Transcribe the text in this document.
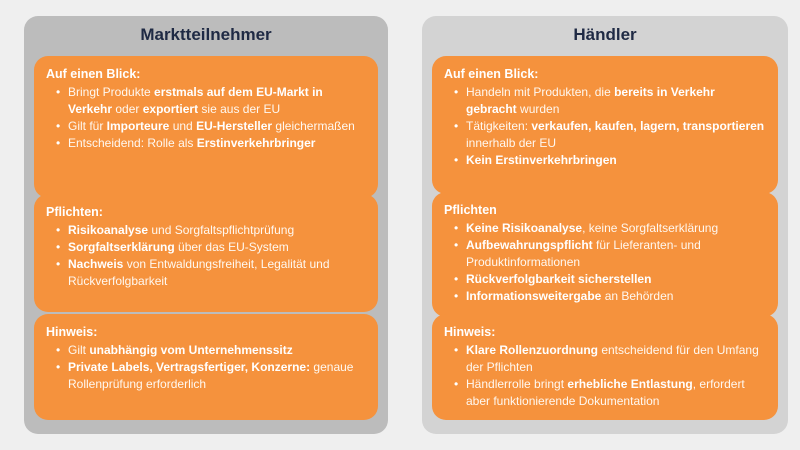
Marktteilnehmer
Auf einen Blick:
• Bringt Produkte erstmals auf dem EU-Markt in Verkehr oder exportiert sie aus der EU
• Gilt für Importeure und EU-Hersteller gleichermaßen
• Entscheidend: Rolle als Erstinverkehrbringer
Pflichten:
• Risikoanalyse und Sorgfaltspflichtprüfung
• Sorgfaltserklärung über das EU-System
• Nachweis von Entwaldungsfreiheit, Legalität und Rückverfolgbarkeit
Hinweis:
• Gilt unabhängig vom Unternehmenssitz
• Private Labels, Vertragsfertiger, Konzerne: genaue Rollenprüfung erforderlich
Händler
Auf einen Blick:
• Handeln mit Produkten, die bereits in Verkehr gebracht wurden
• Tätigkeiten: verkaufen, kaufen, lagern, transportieren innerhalb der EU
• Kein Erstinverkehrbringen
Pflichten
• Keine Risikoanalyse, keine Sorgfaltserklärung
• Aufbewahrungspflicht für Lieferanten- und Produktinformationen
• Rückverfolgbarkeit sicherstellen
• Informationsweitergabe an Behörden
Hinweis:
• Klare Rollenzuordnung entscheidend für den Umfang der Pflichten
• Händlerrolle bringt erhebliche Entlastung, erfordert aber funktionierende Dokumentation
